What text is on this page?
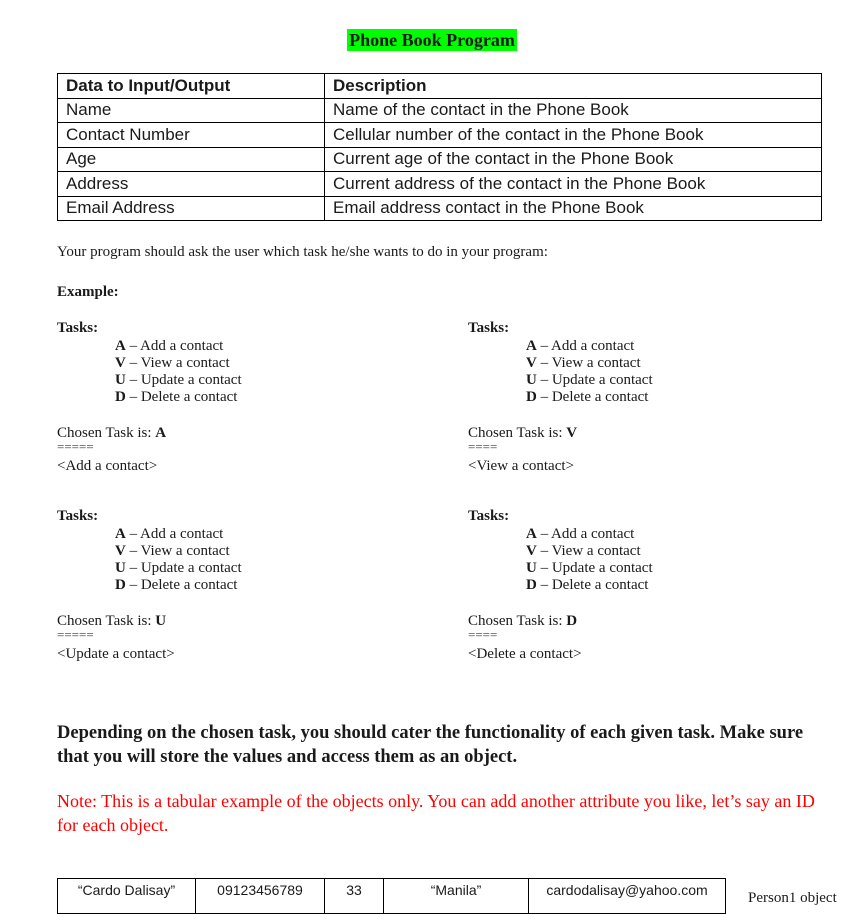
Phone Book Program
Data to Input/Output	Description
Name	Name of the contact in the Phone Book
Contact Number	Cellular number of the contact in the Phone Book
Age	Current age of the contact in the Phone Book
Address	Current address of the contact in the Phone Book
Email Address	Email address contact in the Phone Book
Your program should ask the user which task he/she wants to do in your program:
Example:
Tasks:
A – Add a contact
V – View a contact
U – Update a contact
D – Delete a contact
Chosen Task is: A
=====
<Add a contact>
Tasks:
A – Add a contact
V – View a contact
U – Update a contact
D – Delete a contact
Chosen Task is: V
====
<View a contact>
Tasks:
A – Add a contact
V – View a contact
U – Update a contact
D – Delete a contact
Chosen Task is: U
=====
<Update a contact>
Tasks:
A – Add a contact
V – View a contact
U – Update a contact
D – Delete a contact
Chosen Task is: D
====
<Delete a contact>
Depending on the chosen task, you should cater the functionality of each given task. Make sure that you will store the values and access them as an object.
Note: This is a tabular example of the objects only. You can add another attribute you like, let’s say an ID for each object.
“Cardo Dalisay”	09123456789	33	“Manila”	cardodalisay@yahoo.com	Person1 object
